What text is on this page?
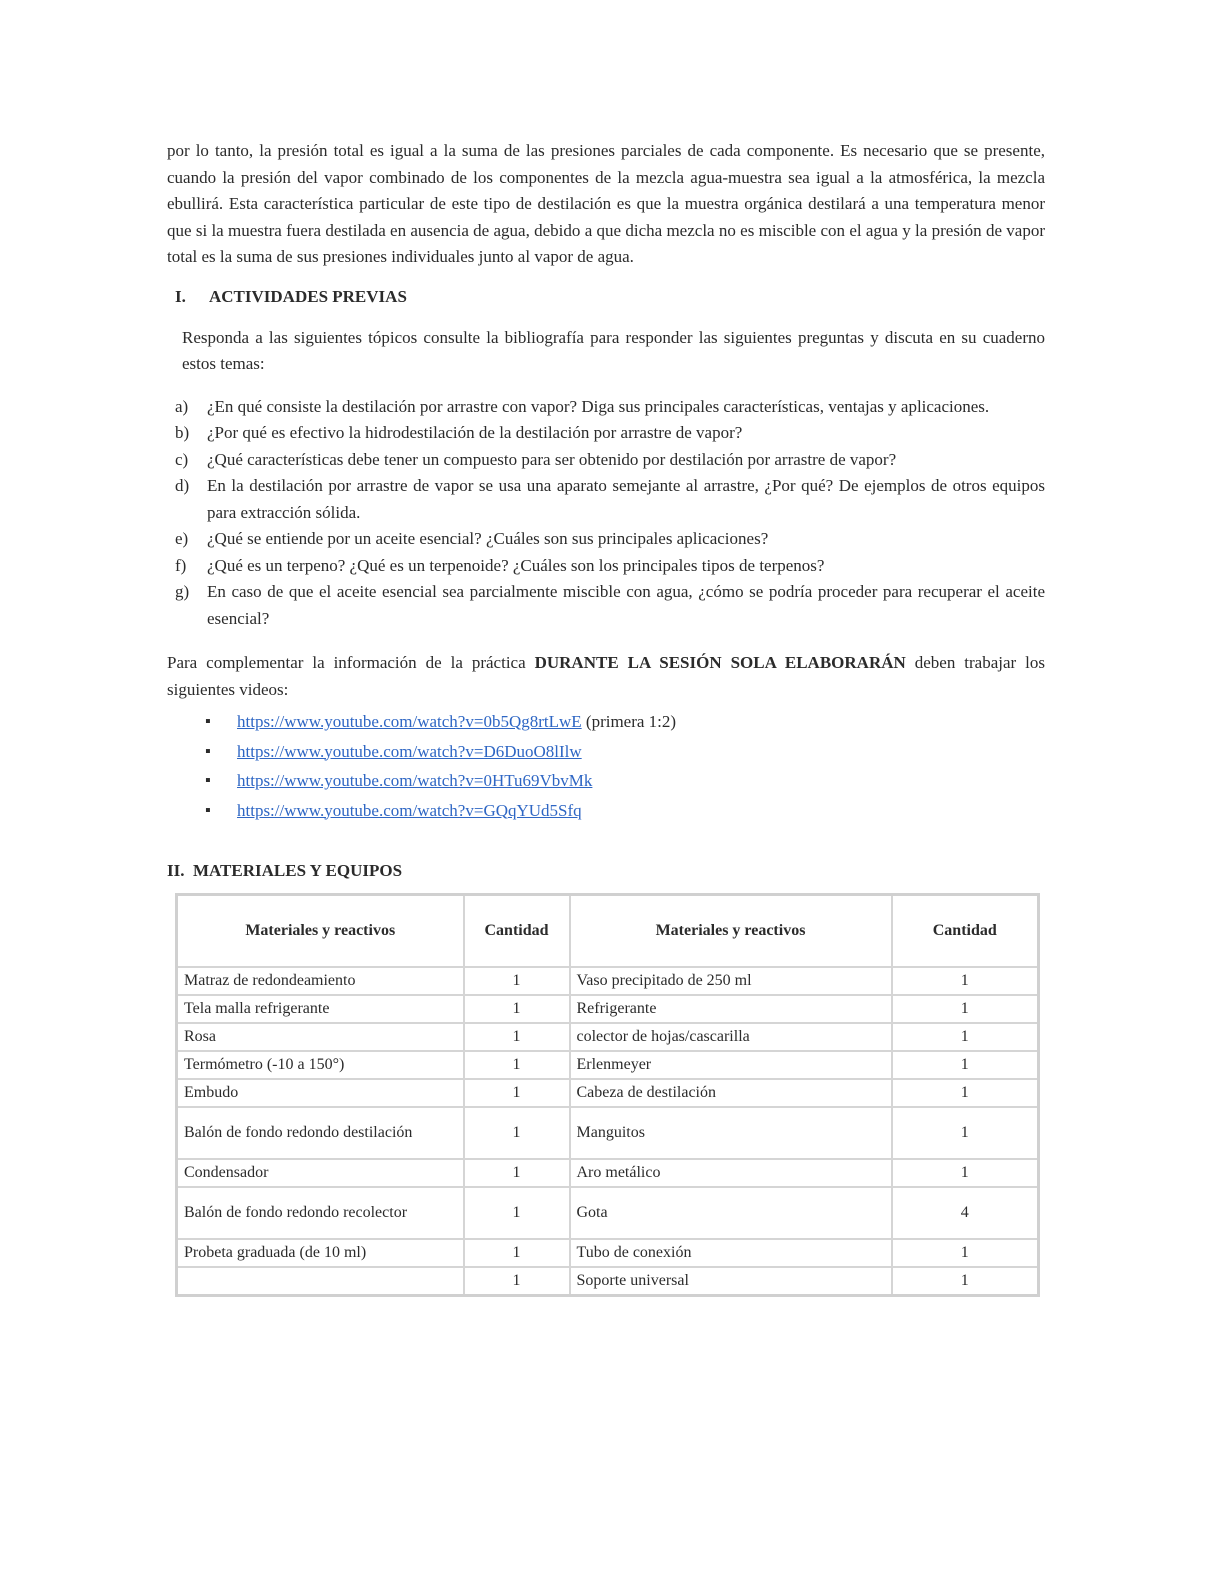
por lo tanto, la presión total es igual a la suma de las presiones parciales de cada componente. Es necesario que se presente, cuando la presión del vapor combinado de los componentes de la mezcla agua-muestra sea igual a la atmosférica, la mezcla ebullirá. Esta característica particular de este tipo de destilación es que la muestra orgánica destilará a una temperatura menor que si la muestra fuera destilada en ausencia de agua, debido a que dicha mezcla no es miscible con el agua y la presión de vapor total es la suma de sus presiones individuales junto al vapor de agua.

I. ACTIVIDADES PREVIAS

Responda a las siguientes tópicos consulte la bibliografía para responder las siguientes preguntas y discuta en su cuaderno estos temas:

a) ¿En qué consiste la destilación por arrastre con vapor? Diga sus principales características, ventajas y aplicaciones.
b) ¿Por qué es efectivo la hidrodestilación de la destilación por arrastre de vapor?
c) ¿Qué características debe tener un compuesto para ser obtenido por destilación por arrastre de vapor?
d) En la destilación por arrastre de vapor se usa una aparato semejante al arrastre, ¿Por qué? De ejemplos de otros equipos para extracción sólida.
e) ¿Qué se entiende por un aceite esencial? ¿Cuáles son sus principales aplicaciones?
f) ¿Qué es un terpeno? ¿Qué es un terpenoide? ¿Cuáles son los principales tipos de terpenos?
g) En caso de que el aceite esencial sea parcialmente miscible con agua, ¿cómo se podría proceder para recuperar el aceite esencial?

Para complementar la información de la práctica DURANTE LA SESIÓN SOLA ELABORARÁN deben trabajar los siguientes videos:

▪ https://www.youtube.com/watch?v=0b5Qg8rtLwE (primera 1:2)
▪ https://www.youtube.com/watch?v=D6DuoO8lIlw
▪ https://www.youtube.com/watch?v=0HTu69VbvMk
▪ https://www.youtube.com/watch?v=GQqYUd5Sfq

II. MATERIALES Y EQUIPOS

Materiales y reactivos	Cantidad	Materiales y reactivos	Cantidad
Matraz de redondeamiento	1	Vaso precipitado de 250 ml	1
Tela malla refrigerante	1	Refrigerante	1
Rosa	1	colector de hojas/cascarilla	1
Termómetro (-10 a 150°)	1	Erlenmeyer	1
Embudo	1	Cabeza de destilación	1
Balón de fondo redondo destilación	1	Manguitos	1
Condensador	1	Aro metálico	1
Balón de fondo redondo recolector	1	Gota	4
Probeta graduada (de 10 ml)	1	Tubo de conexión	1
	1	Soporte universal	1
